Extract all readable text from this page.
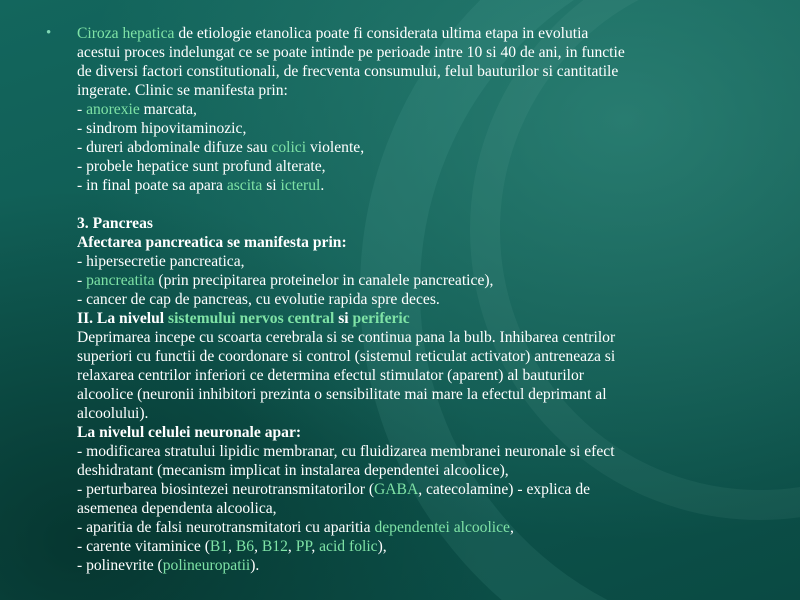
• Ciroza hepatica de etiologie etanolica poate fi considerata ultima etapa in evolutia
acestui proces indelungat ce se poate intinde pe perioade intre 10 si 40 de ani, in functie
de diversi factori constitutionali, de frecventa consumului, felul bauturilor si cantitatile
ingerate. Clinic se manifesta prin:
- anorexie marcata,
- sindrom hipovitaminozic,
- dureri abdominale difuze sau colici violente,
- probele hepatice sunt profund alterate,
- in final poate sa apara ascita si icterul.
3. Pancreas
Afectarea pancreatica se manifesta prin:
- hipersecretie pancreatica,
- pancreatita (prin precipitarea proteinelor in canalele pancreatice),
- cancer de cap de pancreas, cu evolutie rapida spre deces.
II. La nivelul sistemului nervos central si periferic
Deprimarea incepe cu scoarta cerebrala si se continua pana la bulb. Inhibarea centrilor
superiori cu functii de coordonare si control (sistemul reticulat activator) antreneaza si
relaxarea centrilor inferiori ce determina efectul stimulator (aparent) al bauturilor
alcoolice (neuronii inhibitori prezinta o sensibilitate mai mare la efectul deprimant al
alcoolului).
La nivelul celulei neuronale apar:
- modificarea stratului lipidic membranar, cu fluidizarea membranei neuronale si efect
deshidratant (mecanism implicat in instalarea dependentei alcoolice),
- perturbarea biosintezei neurotransmitatorilor (GABA, catecolamine) - explica de
asemenea dependenta alcoolica,
- aparitia de falsi neurotransmitatori cu aparitia dependentei alcoolice,
- carente vitaminice (B1, B6, B12, PP, acid folic),
- polinevrite (polineuropatii).
